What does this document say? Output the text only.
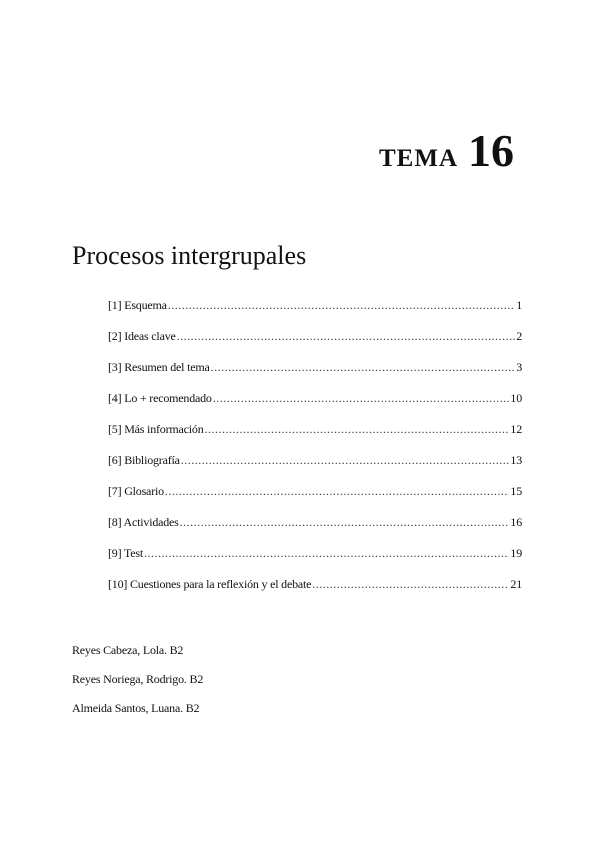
TEMA 16
Procesos intergrupales
[1] Esquema .....	1
[2] Ideas clave .....	2
[3] Resumen del tema .....	3
[4] Lo + recomendado .....	10
[5] Más información .....	12
[6] Bibliografía .....	13
[7] Glosario .....	15
[8] Actividades .....	16
[9] Test .....	19
[10] Cuestiones para la reflexión y el debate .....	21
Reyes Cabeza, Lola. B2
Reyes Noriega, Rodrigo. B2
Almeida Santos, Luana. B2
